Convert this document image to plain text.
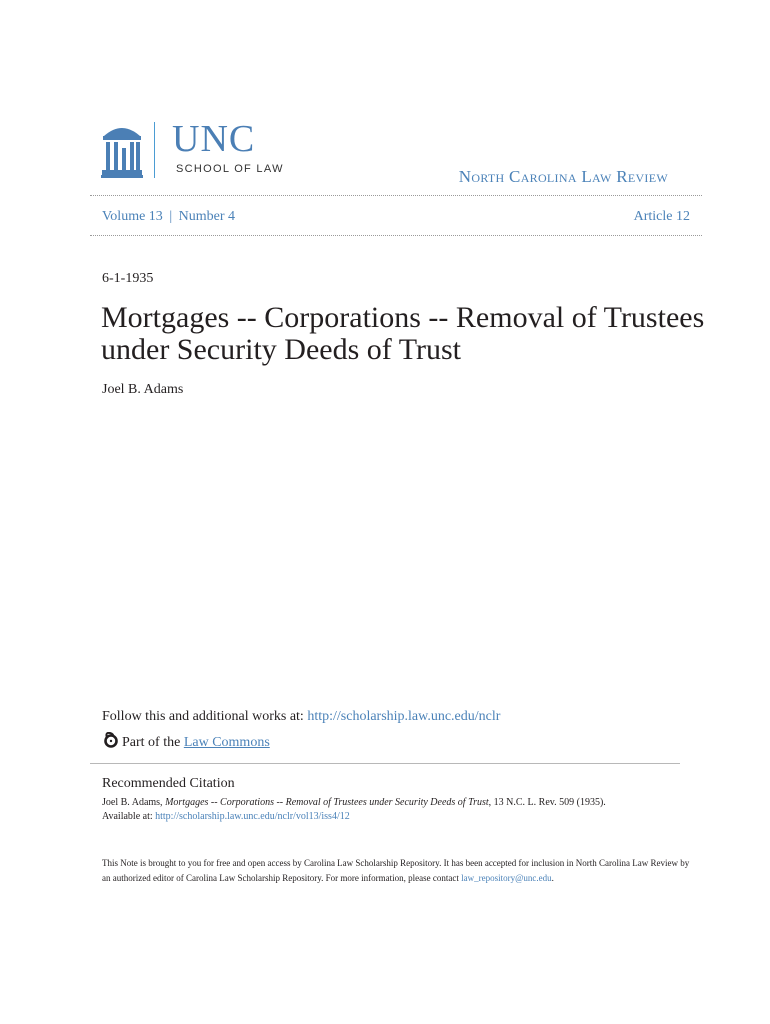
UNC
SCHOOL OF LAW	North Carolina Law Review
Volume 13 | Number 4	Article 12
6-1-1935
Mortgages -- Corporations -- Removal of Trustees under Security Deeds of Trust
Joel B. Adams
Follow this and additional works at: http://scholarship.law.unc.edu/nclr
Part of the Law Commons
Recommended Citation
Joel B. Adams, Mortgages -- Corporations -- Removal of Trustees under Security Deeds of Trust, 13 N.C. L. Rev. 509 (1935).
Available at: http://scholarship.law.unc.edu/nclr/vol13/iss4/12
This Note is brought to you for free and open access by Carolina Law Scholarship Repository. It has been accepted for inclusion in North Carolina Law Review by an authorized editor of Carolina Law Scholarship Repository. For more information, please contact law_repository@unc.edu.
